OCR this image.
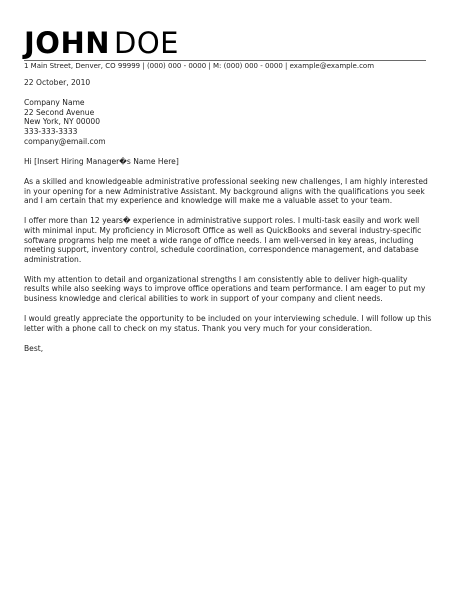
JOHN DOE
1 Main Street, Denver, CO 99999 | (000) 000 - 0000 | M: (000) 000 - 0000 | example@example.com

22 October, 2010

Company Name
22 Second Avenue
New York, NY 00000
333-333-3333
company@email.com

Hi [Insert Hiring Manager�s Name Here]

As a skilled and knowledgeable administrative professional seeking new challenges, I am highly interested in your opening for a new Administrative Assistant. My background aligns with the qualifications you seek and I am certain that my experience and knowledge will make me a valuable asset to your team.

I offer more than 12 years� experience in administrative support roles. I multi-task easily and work well with minimal input. My proficiency in Microsoft Office as well as QuickBooks and several industry-specific software programs help me meet a wide range of office needs. I am well-versed in key areas, including meeting support, inventory control, schedule coordination, correspondence management, and database administration.

With my attention to detail and organizational strengths I am consistently able to deliver high-quality results while also seeking ways to improve office operations and team performance. I am eager to put my business knowledge and clerical abilities to work in support of your company and client needs.

I would greatly appreciate the opportunity to be included on your interviewing schedule. I will follow up this letter with a phone call to check on my status. Thank you very much for your consideration.

Best,
